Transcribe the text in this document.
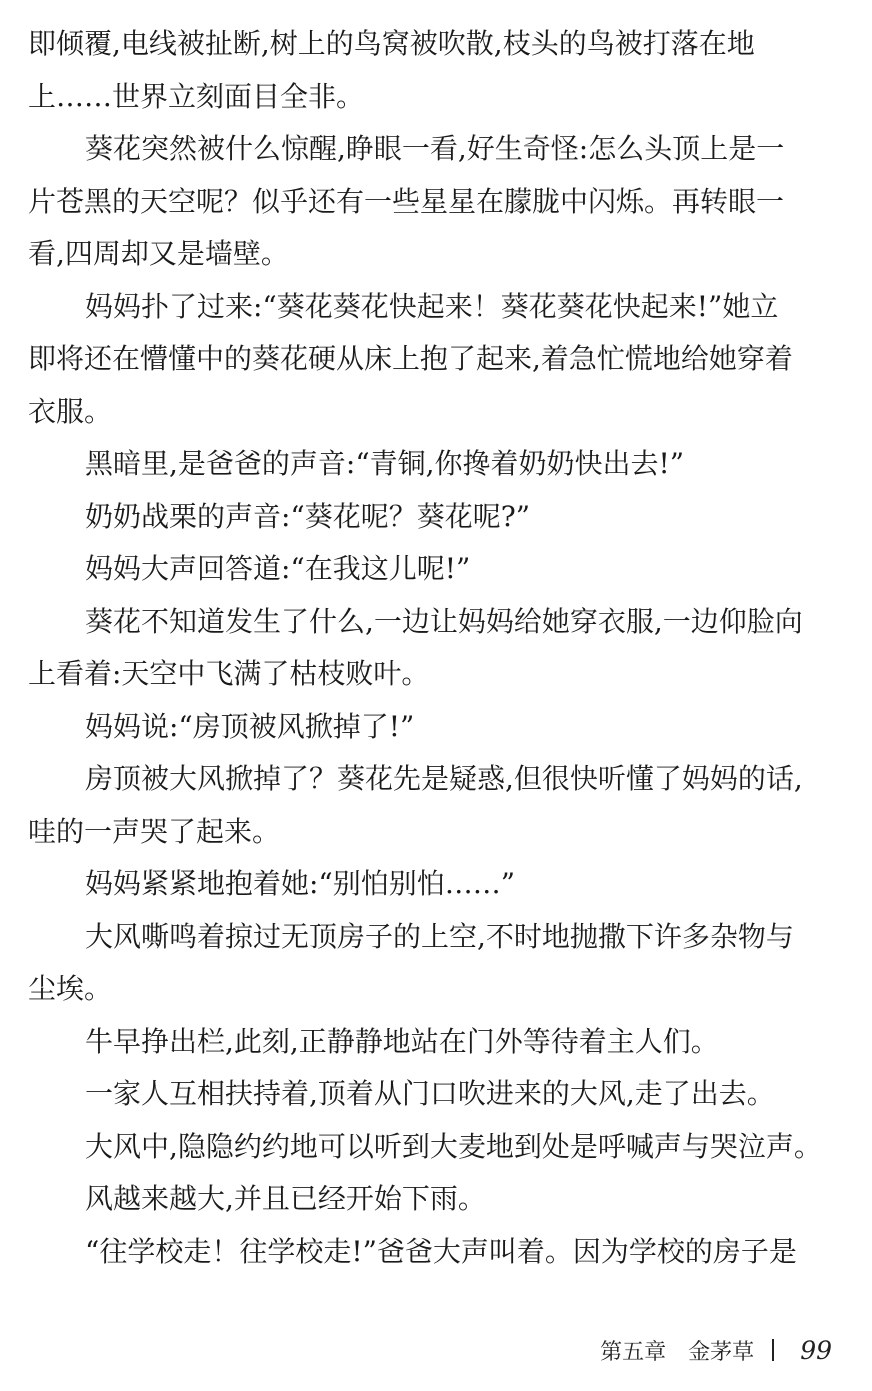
即倾覆,电线被扯断,树上的鸟窝被吹散,枝头的鸟被打落在地
上……世界立刻面目全非。
葵花突然被什么惊醒,睁眼一看,好生奇怪:怎么头顶上是一
片苍黑的天空呢？似乎还有一些星星在朦胧中闪烁。再转眼一
看,四周却又是墙壁。
妈妈扑了过来:“葵花葵花快起来！葵花葵花快起来!”她立
即将还在懵懂中的葵花硬从床上抱了起来,着急忙慌地给她穿着
衣服。
黑暗里,是爸爸的声音:“青铜,你搀着奶奶快出去!”
奶奶战栗的声音:“葵花呢？葵花呢?”
妈妈大声回答道:“在我这儿呢!”
葵花不知道发生了什么,一边让妈妈给她穿衣服,一边仰脸向
上看着:天空中飞满了枯枝败叶。
妈妈说:“房顶被风掀掉了!”
房顶被大风掀掉了？葵花先是疑惑,但很快听懂了妈妈的话,
哇的一声哭了起来。
妈妈紧紧地抱着她:“别怕别怕……”
大风嘶鸣着掠过无顶房子的上空,不时地抛撒下许多杂物与
尘埃。
牛早挣出栏,此刻,正静静地站在门外等待着主人们。
一家人互相扶持着,顶着从门口吹进来的大风,走了出去。
大风中,隐隐约约地可以听到大麦地到处是呼喊声与哭泣声。
风越来越大,并且已经开始下雨。
“往学校走！往学校走!”爸爸大声叫着。因为学校的房子是
第五章 金茅草 99
